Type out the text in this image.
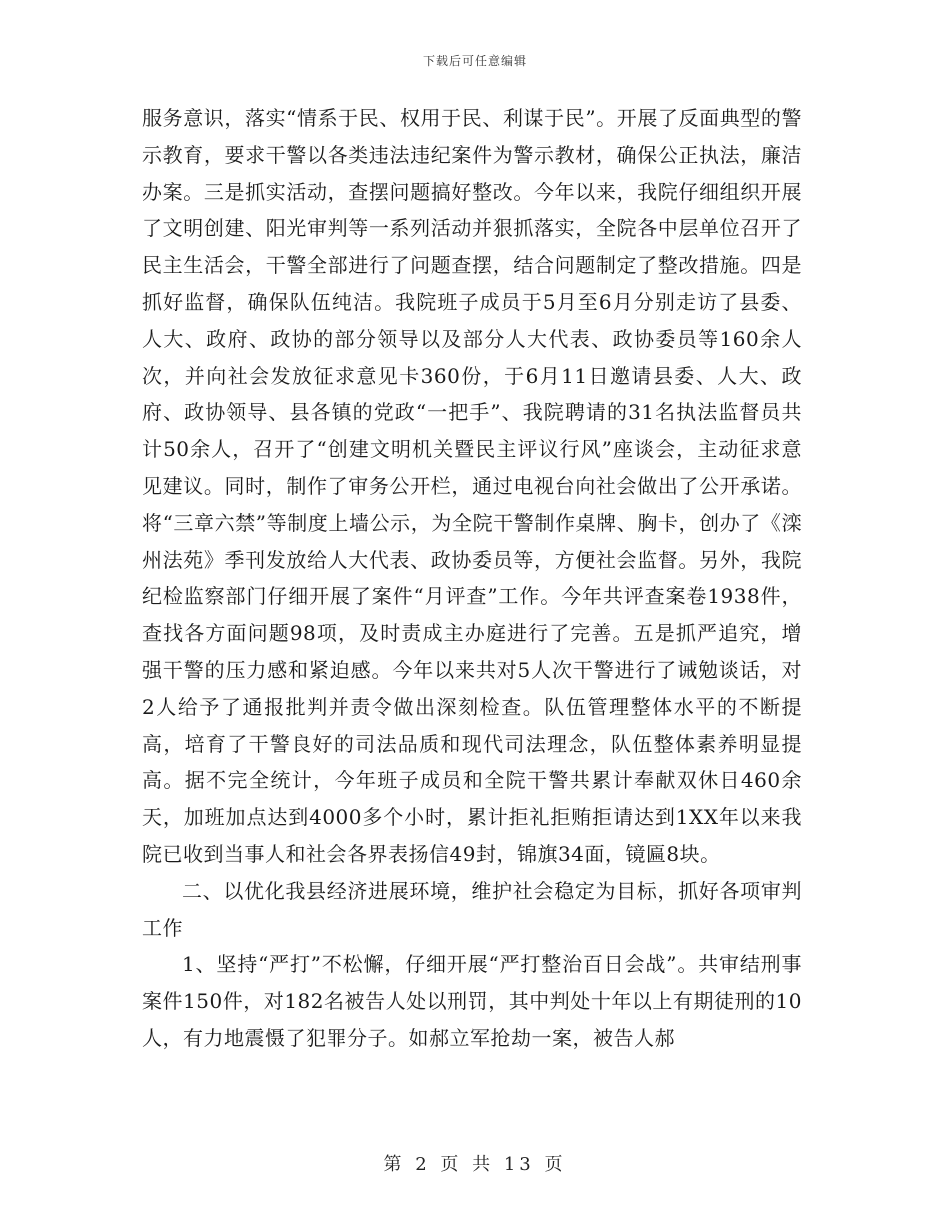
下载后可任意编辑

服务意识，落实“情系于民、权用于民、利谋于民”。开展了反面典型的警示教育，要求干警以各类违法违纪案件为警示教材，确保公正执法，廉洁办案。三是抓实活动，查摆问题搞好整改。今年以来，我院仔细组织开展了文明创建、阳光审判等一系列活动并狠抓落实，全院各中层单位召开了民主生活会，干警全部进行了问题查摆，结合问题制定了整改措施。四是抓好监督，确保队伍纯洁。我院班子成员于5月至6月分别走访了县委、人大、政府、政协的部分领导以及部分人大代表、政协委员等160余人次，并向社会发放征求意见卡360份，于6月11日邀请县委、人大、政府、政协领导、县各镇的党政“一把手”、我院聘请的31名执法监督员共计50余人，召开了“创建文明机关暨民主评议行风”座谈会，主动征求意见建议。同时，制作了审务公开栏，通过电视台向社会做出了公开承诺。将“三章六禁”等制度上墙公示，为全院干警制作桌牌、胸卡，创办了《滦州法苑》季刊发放给人大代表、政协委员等，方便社会监督。另外，我院纪检监察部门仔细开展了案件“月评查”工作。今年共评查案卷1938件，查找各方面问题98项，及时责成主办庭进行了完善。五是抓严追究，增强干警的压力感和紧迫感。今年以来共对5人次干警进行了诫勉谈话，对2人给予了通报批判并责令做出深刻检查。队伍管理整体水平的不断提高，培育了干警良好的司法品质和现代司法理念，队伍整体素养明显提高。据不完全统计，今年班子成员和全院干警共累计奉献双休日460余天，加班加点达到4000多个小时，累计拒礼拒贿拒请达到1XX年以来我院已收到当事人和社会各界表扬信49封，锦旗34面，镜匾8块。

二、以优化我县经济进展环境，维护社会稳定为目标，抓好各项审判工作

1、坚持“严打”不松懈，仔细开展“严打整治百日会战”。共审结刑事案件150件，对182名被告人处以刑罚，其中判处十年以上有期徒刑的10人，有力地震慑了犯罪分子。如郝立军抢劫一案，被告人郝

第 2 页 共 13 页
